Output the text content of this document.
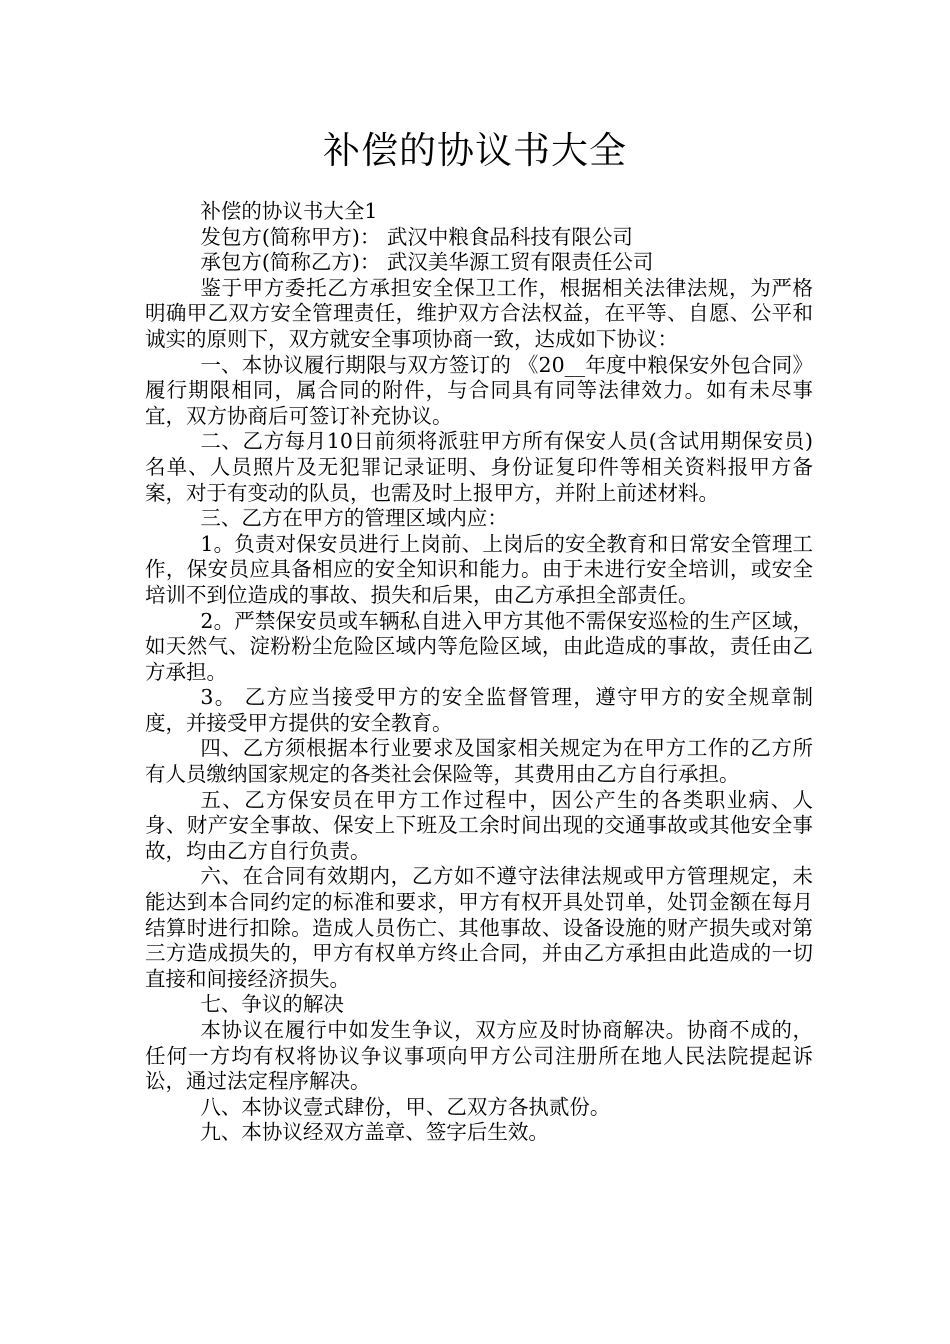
补偿的协议书大全

补偿的协议书大全1

发包方(简称甲方)： 武汉中粮食品科技有限公司

承包方(简称乙方)： 武汉美华源工贸有限责任公司

鉴于甲方委托乙方承担安全保卫工作，根据相关法律法规，为严格明确甲乙双方安全管理责任，维护双方合法权益，在平等、自愿、公平和诚实的原则下，双方就安全事项协商一致，达成如下协议：

一、本协议履行期限与双方签订的 《20__年度中粮保安外包合同》履行期限相同，属合同的附件，与合同具有同等法律效力。如有未尽事宜，双方协商后可签订补充协议。

二、乙方每月10日前须将派驻甲方所有保安人员(含试用期保安员)名单、人员照片及无犯罪记录证明、身份证复印件等相关资料报甲方备案，对于有变动的队员，也需及时上报甲方，并附上前述材料。

三、乙方在甲方的管理区域内应：

1。负责对保安员进行上岗前、上岗后的安全教育和日常安全管理工作，保安员应具备相应的安全知识和能力。由于未进行安全培训，或安全培训不到位造成的事故、损失和后果，由乙方承担全部责任。

2。严禁保安员或车辆私自进入甲方其他不需保安巡检的生产区域，如天然气、淀粉粉尘危险区域内等危险区域，由此造成的事故，责任由乙方承担。

3。 乙方应当接受甲方的安全监督管理，遵守甲方的安全规章制度，并接受甲方提供的安全教育。

四、乙方须根据本行业要求及国家相关规定为在甲方工作的乙方所有人员缴纳国家规定的各类社会保险等，其费用由乙方自行承担。

五、乙方保安员在甲方工作过程中，因公产生的各类职业病、人身、财产安全事故、保安上下班及工余时间出现的交通事故或其他安全事故，均由乙方自行负责。

六、在合同有效期内，乙方如不遵守法律法规或甲方管理规定，未能达到本合同约定的标准和要求，甲方有权开具处罚单，处罚金额在每月结算时进行扣除。造成人员伤亡、其他事故、设备设施的财产损失或对第三方造成损失的，甲方有权单方终止合同，并由乙方承担由此造成的一切直接和间接经济损失。

七、争议的解决

本协议在履行中如发生争议，双方应及时协商解决。协商不成的，任何一方均有权将协议争议事项向甲方公司注册所在地人民法院提起诉讼，通过法定程序解决。

八、本协议壹式肆份，甲、乙双方各执贰份。

九、本协议经双方盖章、签字后生效。
